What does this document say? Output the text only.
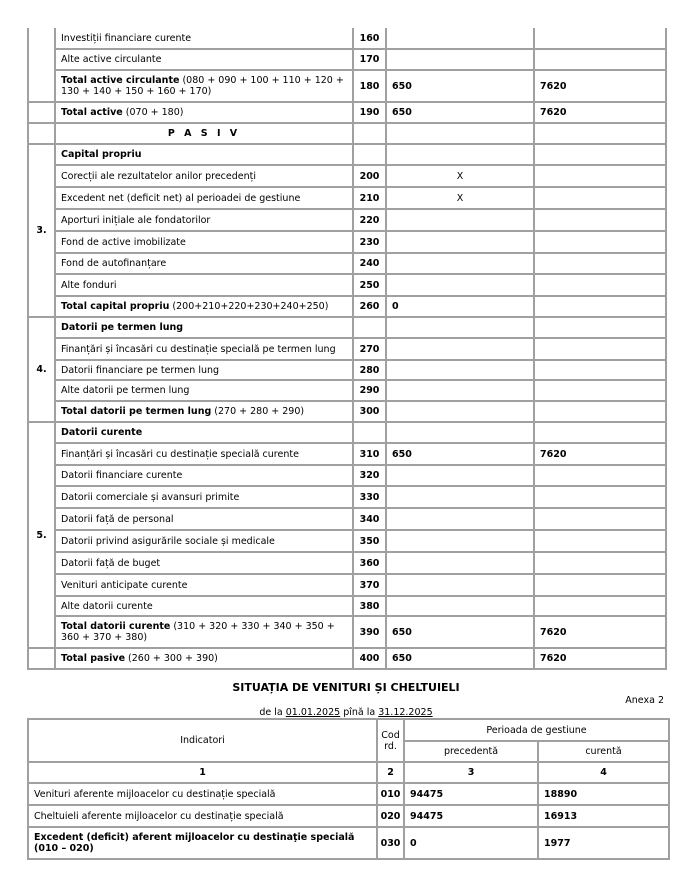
	Investiții financiare curente	160		
	Alte active circulante	170		
	Total active circulante (080 + 090 + 100 + 110 + 120 + 130 + 140 + 150 + 160 + 170)	180	650	7620
	Total active (070 + 180)	190	650	7620
	P A S I V			
3.	Capital propriu			
	Corecții ale rezultatelor anilor precedenți	200	X	
	Excedent net (deficit net) al perioadei de gestiune	210	X	
	Aporturi inițiale ale fondatorilor	220		
	Fond de active imobilizate	230		
	Fond de autofinanțare	240		
	Alte fonduri	250		
	Total capital propriu (200+210+220+230+240+250)	260	0	
4.	Datorii pe termen lung			
	Finanțări și încasări cu destinație specială pe termen lung	270		
	Datorii financiare pe termen lung	280		
	Alte datorii pe termen lung	290		
	Total datorii pe termen lung (270 + 280 + 290)	300		
5.	Datorii curente			
	Finanțări și încasări cu destinație specială curente	310	650	7620
	Datorii financiare curente	320		
	Datorii comerciale și avansuri primite	330		
	Datorii față de personal	340		
	Datorii privind asigurările sociale și medicale	350		
	Datorii față de buget	360		
	Venituri anticipate curente	370		
	Alte datorii curente	380		
	Total datorii curente (310 + 320 + 330 + 340 + 350 + 360 + 370 + 380)	390	650	7620
	Total pasive (260 + 300 + 390)	400	650	7620
SITUAȚIA DE VENITURI ȘI CHELTUIELI
Anexa 2
de la 01.01.2025 pînă la 31.12.2025
Indicatori	Cod rd.	Perioada de gestiune	
		precedentă	curentă
1	2	3	4
Venituri aferente mijloacelor cu destinație specială	010	94475	18890
Cheltuieli aferente mijloacelor cu destinație specială	020	94475	16913
Excedent (deficit) aferent mijloacelor cu destinaţie specială (010 – 020)	030	0	1977
